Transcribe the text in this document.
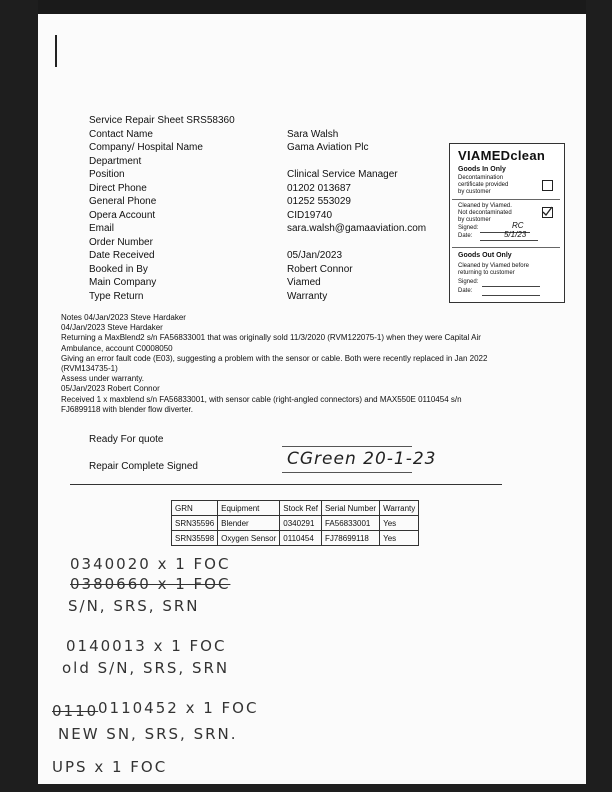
Service Repair Sheet SRS58360
Contact Name	Sara Walsh
Company/ Hospital Name	Gama Aviation Plc
Department
Position	Clinical Service Manager
Direct Phone	01202 013687
General Phone	01252 553029
Opera Account	CID19740
Email	sara.walsh@gamaaviation.com
Order Number
Date Received	05/Jan/2023
Booked in By	Robert Connor
Main Company	Viamed
Type Return	Warranty
VIAMEDclean
Goods In Only
Decontamination
certificate provided
by customer
Cleaned by Viamed.
Not decontaminated
by customer
Signed:	RC
Date:	5/1/23
Goods Out Only
Cleaned by Viamed before
returning to customer
Signed:
Date:
Notes 04/Jan/2023 Steve Hardaker
04/Jan/2023 Steve Hardaker
Returning a MaxBlend2 s/n FA56833001 that was originally sold 11/3/2020 (RVM122075-1) when they were Capital Air
Ambulance, account C0008050
Giving an error fault code (E03), suggesting a problem with the sensor or cable. Both were recently replaced in Jan 2022
(RVM134735-1)
Assess under warranty.
05/Jan/2023 Robert Connor
Received 1 x maxblend s/n FA56833001, with sensor cable (right-angled connectors) and MAX550E 0110454 s/n
FJ6899118 with blender flow diverter.
Ready For quote
Repair Complete Signed	CGreen 20-1-23
GRN	Equipment	Stock Ref	Serial Number	Warranty
SRN35596	Blender	0340291	FA56833001	Yes
SRN35598	Oxygen Sensor	0110454	FJ78699118	Yes
0340020 x 1 FOC
0380660 x 1 FOC
S/N, SRS, SRN
0140013 x 1 FOC
old S/N, SRS, SRN
0110 0110452 x 1 FOC
NEW SN, SRS, SRN.
UPS x 1 FOC
